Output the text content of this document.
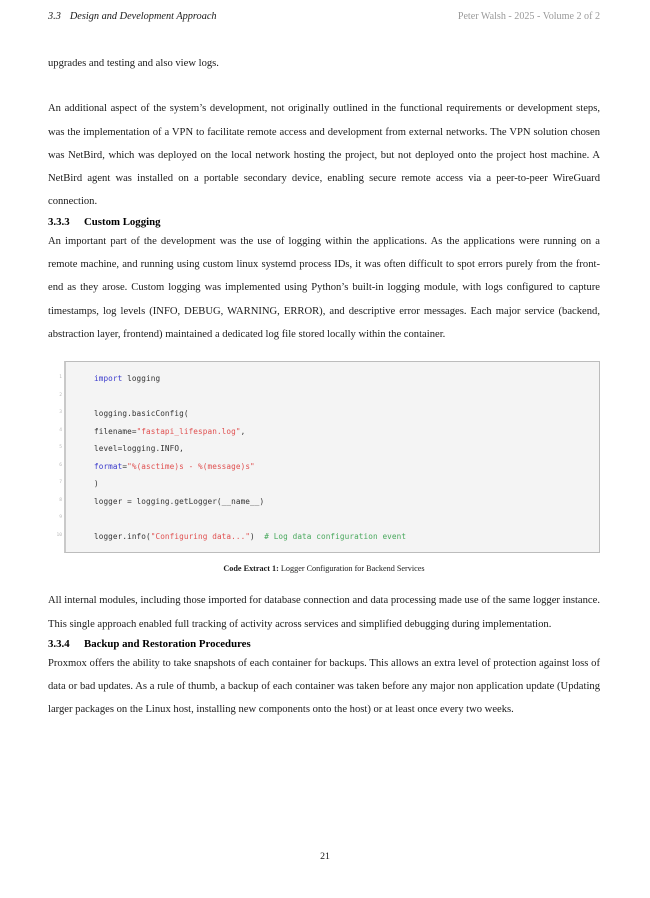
3.3 Design and Development Approach	Peter Walsh - 2025 - Volume 2 of 2

upgrades and testing and also view logs.

An additional aspect of the system’s development, not originally outlined in the functional requirements or development steps, was the implementation of a VPN to facilitate remote access and development from external networks. The VPN solution chosen was NetBird, which was deployed on the local network hosting the project, but not deployed onto the project host machine. A NetBird agent was installed on a portable secondary device, enabling secure remote access via a peer-to-peer WireGuard connection.

3.3.3 Custom Logging

An important part of the development was the use of logging within the applications. As the applications were running on a remote machine, and running using custom linux systemd process IDs, it was often difficult to spot errors purely from the front-end as they arose. Custom logging was implemented using Python’s built-in logging module, with logs configured to capture timestamps, log levels (INFO, DEBUG, WARNING, ERROR), and descriptive error messages. Each major service (backend, abstraction layer, frontend) maintained a dedicated log file stored locally within the container.

1
2
3
4
5
6
7
8
9
10
import logging

logging.basicConfig(
filename="fastapi_lifespan.log",
level=logging.INFO,
format="%(asctime)s - %(message)s"
)
logger = logging.getLogger(__name__)

logger.info("Configuring data...")  # Log data configuration event
Code Extract 1: Logger Configuration for Backend Services

All internal modules, including those imported for database connection and data processing made use of the same logger instance. This single approach enabled full tracking of activity across services and simplified debugging during implementation.

3.3.4 Backup and Restoration Procedures

Proxmox offers the ability to take snapshots of each container for backups. This allows an extra level of protection against loss of data or bad updates. As a rule of thumb, a backup of each container was taken before any major non application update (Updating larger packages on the Linux host, installing new components onto the host) or at least once every two weeks.

21
